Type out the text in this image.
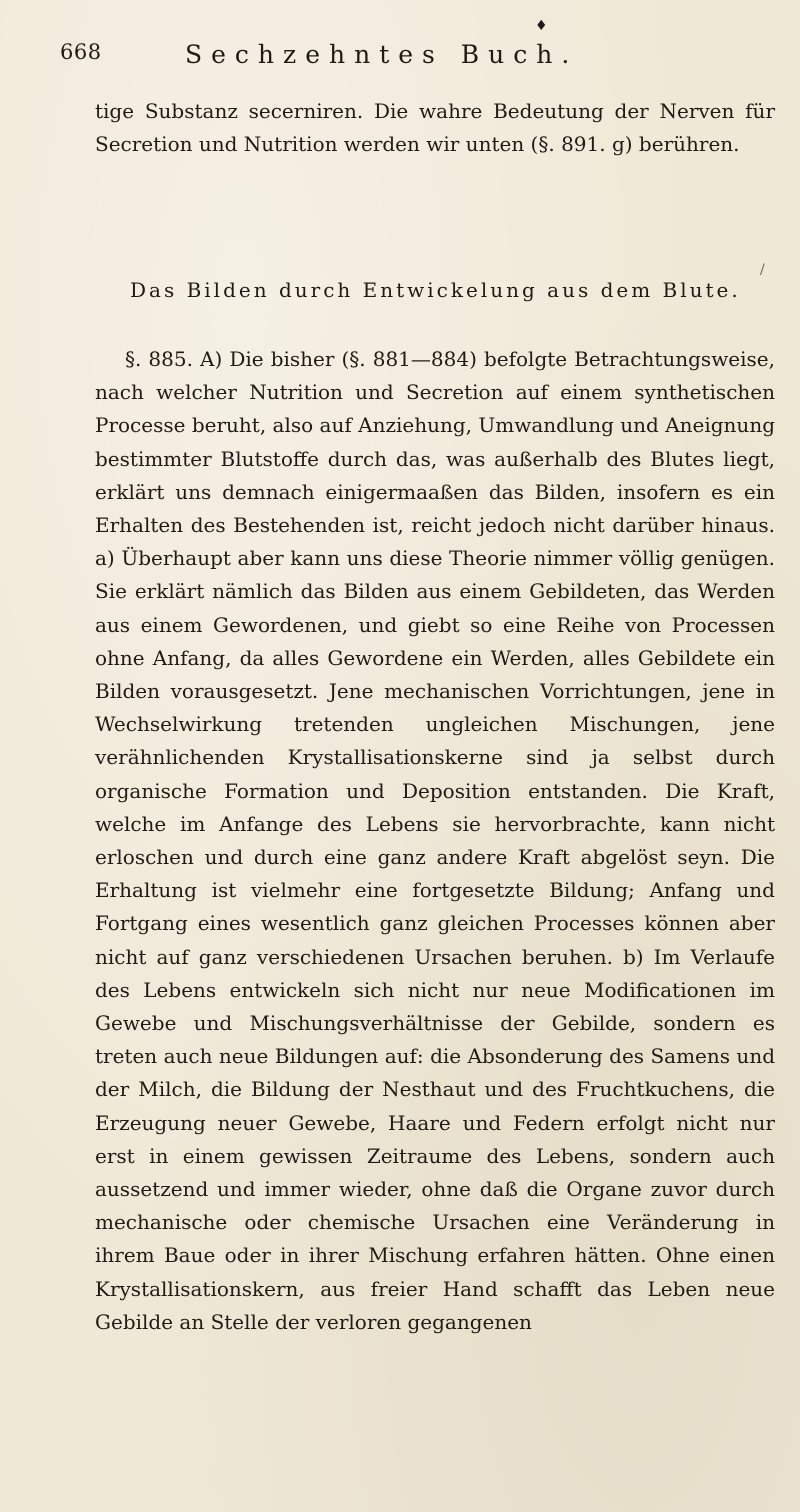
668	Sechzehntes Buch.
♦

tige Substanz secerniren. Die wahre Bedeutung der Nerven für Secretion und Nutrition werden wir unten (§. 891. g) berühren.

/
Das Bilden durch Entwickelung aus dem Blute.

§. 885. A) Die bisher (§. 881—884) befolgte Betrachtungsweise, nach welcher Nutrition und Secretion auf einem synthetischen Processe beruht, also auf Anziehung, Umwandlung und Aneignung bestimmter Blutstoffe durch das, was außerhalb des Blutes liegt, erklärt uns demnach einigermaaßen das Bilden, insofern es ein Erhalten des Bestehenden ist, reicht jedoch nicht darüber hinaus. a) Überhaupt aber kann uns diese Theorie nimmer völlig genügen. Sie erklärt nämlich das Bilden aus einem Gebildeten, das Werden aus einem Gewordenen, und giebt so eine Reihe von Processen ohne Anfang, da alles Gewordene ein Werden, alles Gebildete ein Bilden vorausgesetzt. Jene mechanischen Vorrichtungen, jene in Wechselwirkung tretenden ungleichen Mischungen, jene verähnlichenden Krystallisationskerne sind ja selbst durch organische Formation und Deposition entstanden. Die Kraft, welche im Anfange des Lebens sie hervorbrachte, kann nicht erloschen und durch eine ganz andere Kraft abgelöst seyn. Die Erhaltung ist vielmehr eine fortgesetzte Bildung; Anfang und Fortgang eines wesentlich ganz gleichen Processes können aber nicht auf ganz verschiedenen Ursachen beruhen. b) Im Verlaufe des Lebens entwickeln sich nicht nur neue Modificationen im Gewebe und Mischungsverhältnisse der Gebilde, sondern es treten auch neue Bildungen auf: die Absonderung des Samens und der Milch, die Bildung der Nesthaut und des Fruchtkuchens, die Erzeugung neuer Gewebe, Haare und Federn erfolgt nicht nur erst in einem gewissen Zeitraume des Lebens, sondern auch aussetzend und immer wieder, ohne daß die Organe zuvor durch mechanische oder chemische Ursachen eine Veränderung in ihrem Baue oder in ihrer Mischung erfahren hätten. Ohne einen Krystallisationskern, aus freier Hand schafft das Leben neue Gebilde an Stelle der verloren gegangenen
